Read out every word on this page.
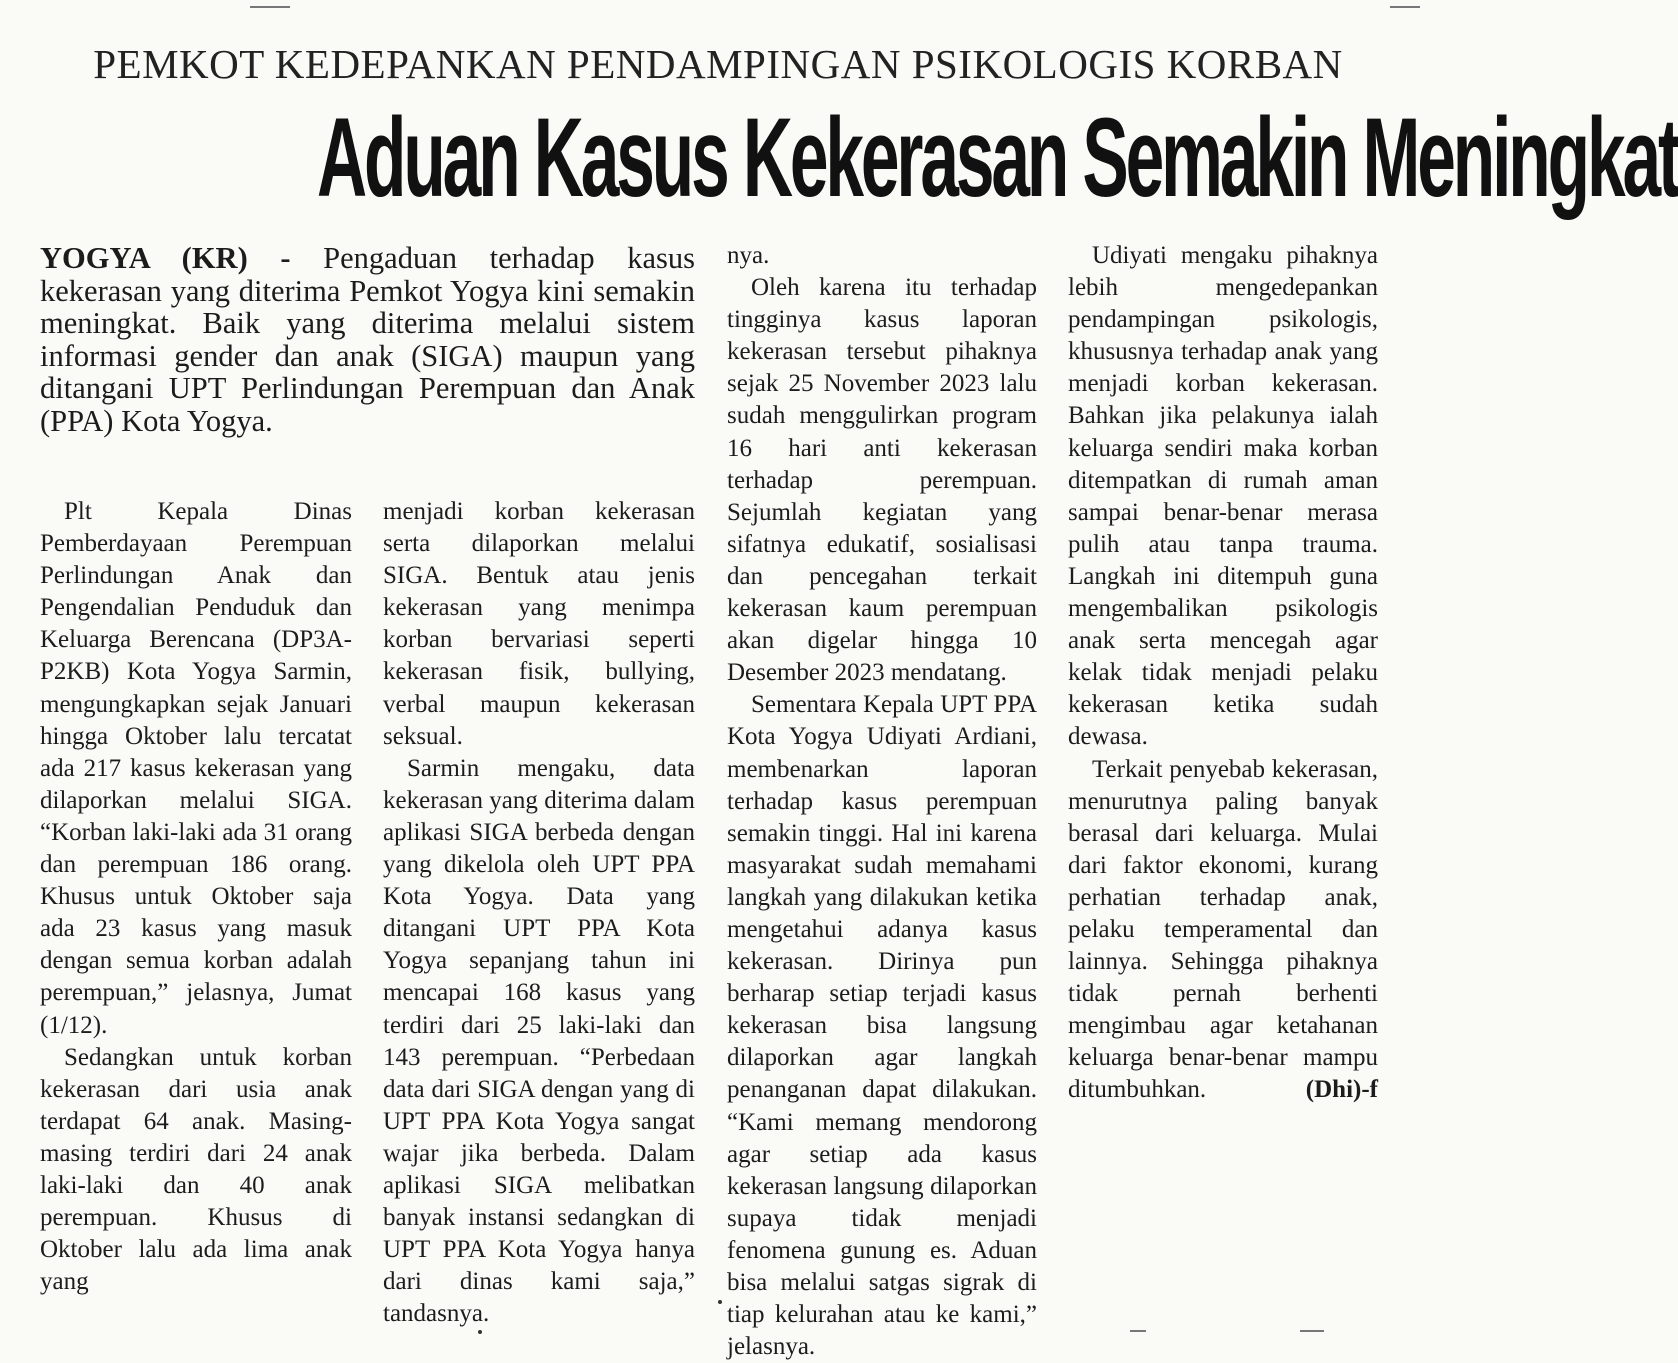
PEMKOT KEDEPANKAN PENDAMPINGAN PSIKOLOGIS KORBAN
Aduan Kasus Kekerasan Semakin Meningkat
YOGYA (KR) - Pengaduan terhadap kasus kekerasan yang diterima Pemkot Yogya kini semakin meningkat. Baik yang diterima melalui sistem informasi gender dan anak (SIGA) maupun yang ditangani UPT Perlindungan Perempuan dan Anak (PPA) Kota Yogya.

Plt Kepala Dinas Pemberdayaan Perempuan Perlindungan Anak dan Pengendalian Penduduk dan Keluarga Berencana (DP3A-P2KB) Kota Yogya Sarmin, mengungkapkan sejak Januari hingga Oktober lalu tercatat ada 217 kasus kekerasan yang dilaporkan melalui SIGA. “Korban laki-laki ada 31 orang dan perempuan 186 orang. Khusus untuk Oktober saja ada 23 kasus yang masuk dengan semua korban adalah perempuan,” jelasnya, Jumat (1/12).

Sedangkan untuk korban kekerasan dari usia anak terdapat 64 anak. Masing-masing terdiri dari 24 anak laki-laki dan 40 anak perempuan. Khusus di Oktober lalu ada lima anak yang

menjadi korban kekerasan serta dilaporkan melalui SIGA. Bentuk atau jenis kekerasan yang menimpa korban bervariasi seperti kekerasan fisik, bullying, verbal maupun kekerasan seksual.

Sarmin mengaku, data kekerasan yang diterima dalam aplikasi SIGA berbeda dengan yang dikelola oleh UPT PPA Kota Yogya. Data yang ditangani UPT PPA Kota Yogya sepanjang tahun ini mencapai 168 kasus yang terdiri dari 25 laki-laki dan 143 perempuan. “Perbedaan data dari SIGA dengan yang di UPT PPA Kota Yogya sangat wajar jika berbeda. Dalam aplikasi SIGA melibatkan banyak instansi sedangkan di UPT PPA Kota Yogya hanya dari dinas kami saja,” tandasnya.

nya.

Oleh karena itu terhadap tingginya kasus laporan kekerasan tersebut pihaknya sejak 25 November 2023 lalu sudah menggulirkan program 16 hari anti kekerasan terhadap perempuan. Sejumlah kegiatan yang sifatnya edukatif, sosialisasi dan pencegahan terkait kekerasan kaum perempuan akan digelar hingga 10 Desember 2023 mendatang.

Sementara Kepala UPT PPA Kota Yogya Udiyati Ardiani, membenarkan laporan terhadap kasus perempuan semakin tinggi. Hal ini karena masyarakat sudah memahami langkah yang dilakukan ketika mengetahui adanya kasus kekerasan. Dirinya pun berharap setiap terjadi kasus kekerasan bisa langsung dilaporkan agar langkah penanganan dapat dilakukan. “Kami memang mendorong agar setiap ada kasus kekerasan langsung dilaporkan supaya tidak menjadi fenomena gunung es. Aduan bisa melalui satgas sigrak di tiap kelurahan atau ke kami,” jelasnya.

Udiyati mengaku pihaknya lebih mengedepankan pendampingan psikologis, khususnya terhadap anak yang menjadi korban kekerasan. Bahkan jika pelakunya ialah keluarga sendiri maka korban ditempatkan di rumah aman sampai benar-benar merasa pulih atau tanpa trauma. Langkah ini ditempuh guna mengembalikan psikologis anak serta mencegah agar kelak tidak menjadi pelaku kekerasan ketika sudah dewasa.

Terkait penyebab kekerasan, menurutnya paling banyak berasal dari keluarga. Mulai dari faktor ekonomi, kurang perhatian terhadap anak, pelaku temperamental dan lainnya. Sehingga pihaknya tidak pernah berhenti mengimbau agar ketahanan keluarga benar-benar mampu ditumbuhkan.	(Dhi)-f
